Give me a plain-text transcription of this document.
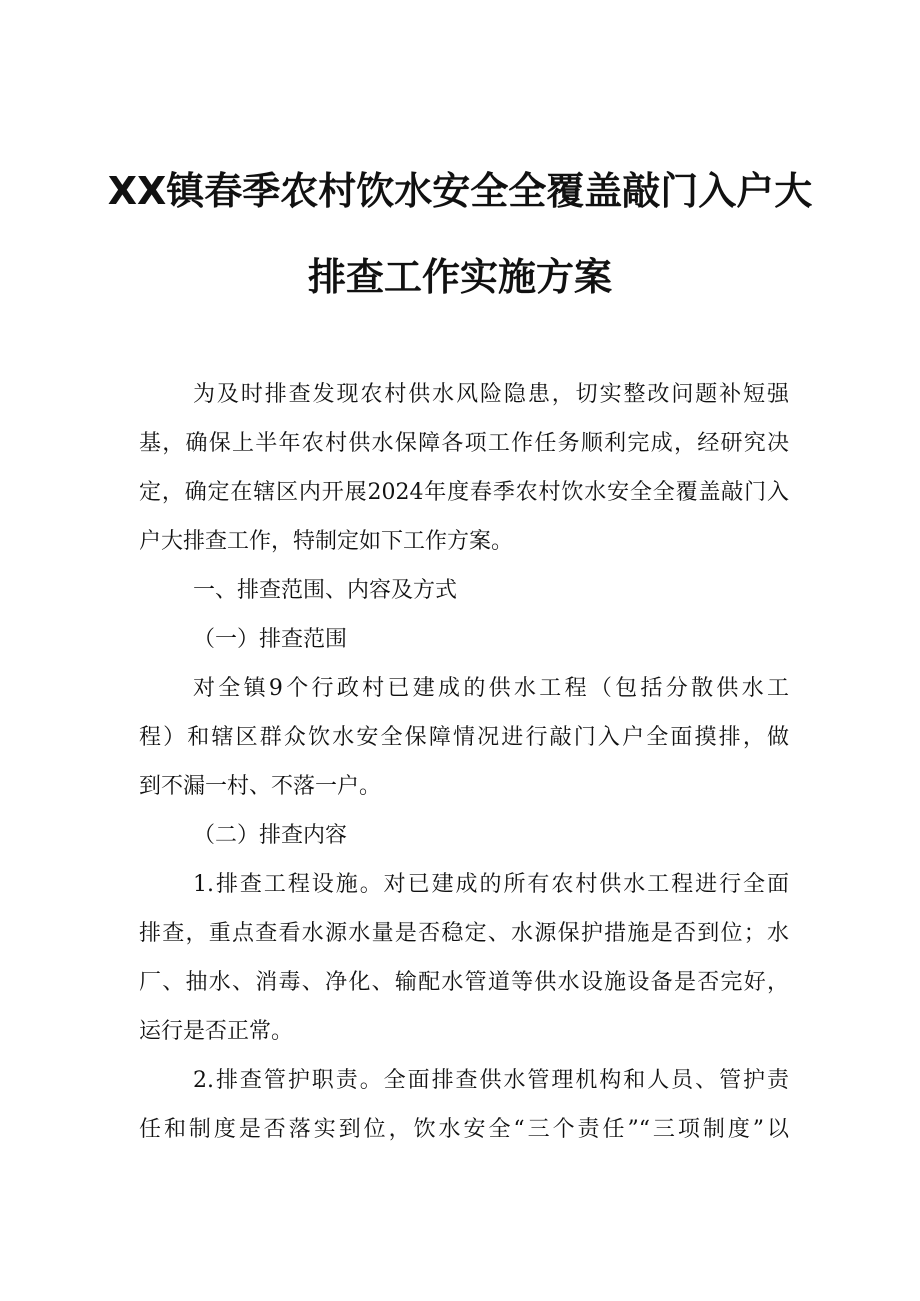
XX镇春季农村饮水安全全覆盖敲门入户大
排查工作实施方案
为及时排查发现农村供水风险隐患，切实整改问题补短强
基，确保上半年农村供水保障各项工作任务顺利完成，经研究决
定，确定在辖区内开展2024年度春季农村饮水安全全覆盖敲门入
户大排查工作，特制定如下工作方案。
一、排查范围、内容及方式
（一）排查范围
对全镇9个行政村已建成的供水工程（包括分散供水工
程）和辖区群众饮水安全保障情况进行敲门入户全面摸排，做
到不漏一村、不落一户。
（二）排查内容
1.排查工程设施。对已建成的所有农村供水工程进行全面
排查，重点查看水源水量是否稳定、水源保护措施是否到位；水
厂、抽水、消毒、净化、输配水管道等供水设施设备是否完好，
运行是否正常。
2.排查管护职责。全面排查供水管理机构和人员、管护责
任和制度是否落实到位，饮水安全“三个责任”“三项制度”以
